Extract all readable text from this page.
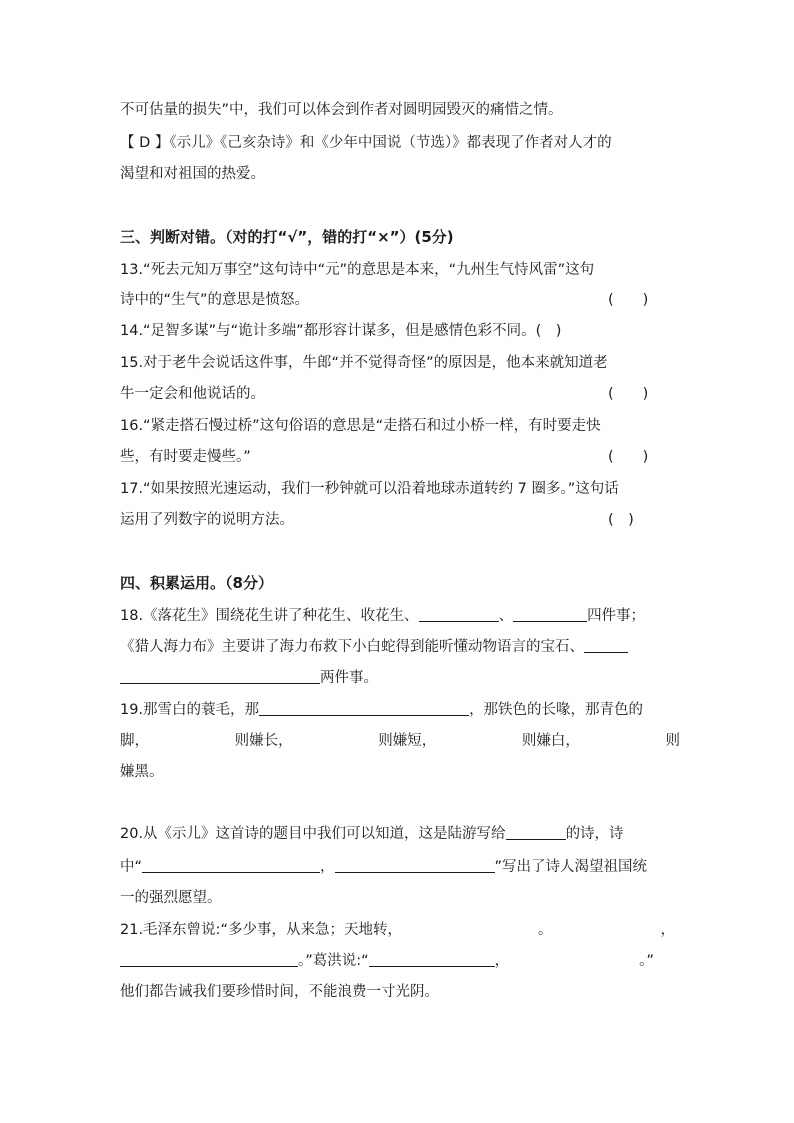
不可估量的损失”中，我们可以体会到作者对圆明园毁灭的痛惜之情。
【 D 】《示儿》《己亥杂诗》和《少年中国说（节选）》都表现了作者对人才的
渴望和对祖国的热爱。
三、判断对错。（对的打“√”，错的打“×”）(5分)
13.“死去元知万事空”这句诗中“元”的意思是本来，“九州生气恃风雷”这句
诗中的“生气”的意思是愤怒。	(　　)
14.“足智多谋”与“诡计多端”都形容计谋多，但是感情色彩不同。(　)
15.对于老牛会说话这件事，牛郎“并不觉得奇怪”的原因是，他本来就知道老
牛一定会和他说话的。	(　　)
16.“紧走搭石慢过桥”这句俗语的意思是“走搭石和过小桥一样，有时要走快
些，有时要走慢些。”	(　　)
17.“如果按照光速运动，我们一秒钟就可以沿着地球赤道转约 7 圈多。”这句话
运用了列数字的说明方法。	(　)
四、积累运用。（8分）
18.《落花生》围绕花生讲了种花生、收花生、	、	四件事；
《猎人海力布》主要讲了海力布救下小白蛇得到能听懂动物语言的宝石、
两件事。
19.那雪白的蓑毛，那	，那铁色的长喙，那青色的
脚，	则嫌长，	则嫌短，	则嫌白，	则
嫌黑。
20.从《示儿》这首诗的题目中我们可以知道，这是陆游写给	的诗，诗
中“	，	”写出了诗人渴望祖国统
一的强烈愿望。
21.毛泽东曾说:“多少事，从来急；天地转，	。	，
。”葛洪说:“	，	。”
他们都告诫我们要珍惜时间，不能浪费一寸光阴。
